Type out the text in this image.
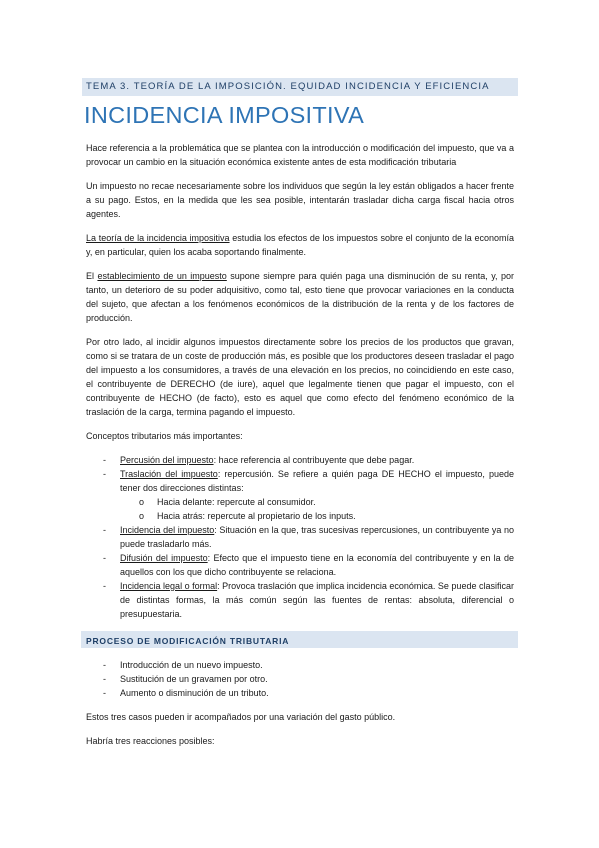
TEMA 3. TEORÍA DE LA IMPOSICIÓN. EQUIDAD INCIDENCIA Y EFICIENCIA
INCIDENCIA IMPOSITIVA

Hace referencia a la problemática que se plantea con la introducción o modificación del impuesto, que va a provocar un cambio en la situación económica existente antes de esta modificación tributaria

Un impuesto no recae necesariamente sobre los individuos que según la ley están obligados a hacer frente a su pago. Estos, en la medida que les sea posible, intentarán trasladar dicha carga fiscal hacia otros agentes.

La teoría de la incidencia impositiva estudia los efectos de los impuestos sobre el conjunto de la economía y, en particular, quien los acaba soportando finalmente.

El establecimiento de un impuesto supone siempre para quién paga una disminución de su renta, y, por tanto, un deterioro de su poder adquisitivo, como tal, esto tiene que provocar variaciones en la conducta del sujeto, que afectan a los fenómenos económicos de la distribución de la renta y de los factores de producción.

Por otro lado, al incidir algunos impuestos directamente sobre los precios de los productos que gravan, como si se tratara de un coste de producción más, es posible que los productores deseen trasladar el pago del impuesto a los consumidores, a través de una elevación en los precios, no coincidiendo en este caso, el contribuyente de DERECHO (de iure), aquel que legalmente tienen que pagar el impuesto, con el contribuyente de HECHO (de facto), esto es aquel que como efecto del fenómeno económico de la traslación de la carga, termina pagando el impuesto.

Conceptos tributarios más importantes:

- Percusión del impuesto: hace referencia al contribuyente que debe pagar.
- Traslación del impuesto: repercusión. Se refiere a quién paga DE HECHO el impuesto, puede tener dos direcciones distintas:
o Hacia delante: repercute al consumidor.
o Hacia atrás: repercute al propietario de los inputs.
- Incidencia del impuesto: Situación en la que, tras sucesivas repercusiones, un contribuyente ya no puede trasladarlo más.
- Difusión del impuesto: Efecto que el impuesto tiene en la economía del contribuyente y en la de aquellos con los que dicho contribuyente se relaciona.
- Incidencia legal o formal: Provoca traslación que implica incidencia económica. Se puede clasificar de distintas formas, la más común según las fuentes de rentas: absoluta, diferencial o presupuestaria.
PROCESO DE MODIFICACIÓN TRIBUTARIA
- Introducción de un nuevo impuesto.
- Sustitución de un gravamen por otro.
- Aumento o disminución de un tributo.

Estos tres casos pueden ir acompañados por una variación del gasto público.

Habría tres reacciones posibles:
